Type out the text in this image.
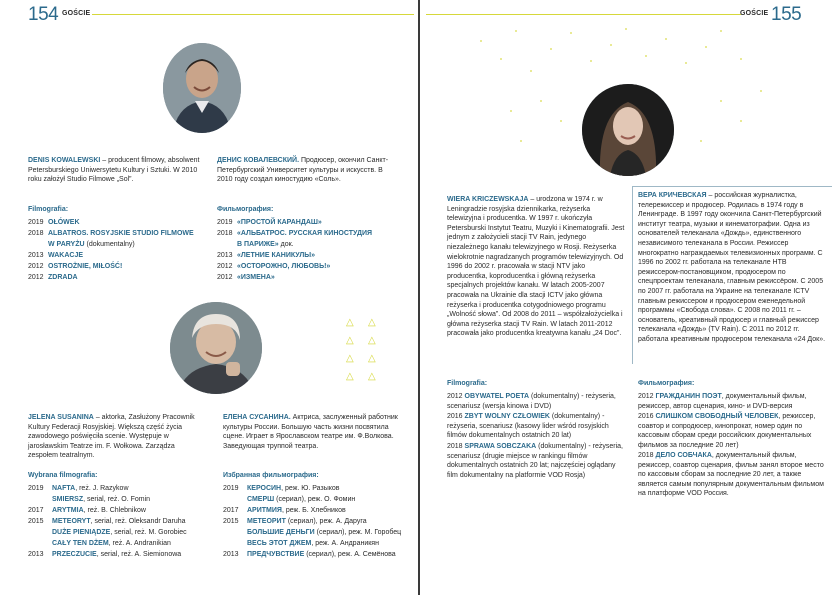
154 GOŚCIE
DENIS KOWALEWSKI – producent filmowy, absolwent Petersburskiego Uniwersytetu Kultury i Sztuki. W 2010 roku założył Studio Filmowe „Sol”.
ДЕНИС КОВАЛЕВСКИЙ. Продюсер, окончил Санкт-Петербургский Университет культуры и искусств. В 2010 году создал киностудию «Соль».
Filmografia:	Фильмография:
2019 OŁÓWEK
2018 ALBATROS. ROSYJSKIE STUDIO FILMOWE
W PARYŻU (dokumentalny)
2013 WAKACJE
2012 OSTROŻNIE, MIŁOŚĆ!
2012 ZDRADA
2019 «ПРОСТОЙ КАРАНДАШ»
2018 «АЛЬБАТРОС. РУССКАЯ КИНОСТУДИЯ
В ПАРИЖЕ» док.
2013 «ЛЕТНИЕ КАНИКУЛЫ»
2012 «ОСТОРОЖНО, ЛЮБОВЬ!»
2012 «ИЗМЕНА»
△ △
△ △
△ △
△ △
JELENA SUSANINA – aktorka, Zasłużony Pracownik Kultury Federacji Rosyjskiej. Większą część życia zawodowego poświęciła scenie. Występuje w jarosławskim Teatrze im. F. Wołkowa. Zarządza zespołem teatralnym.
ЕЛЕНА СУСАНИНА. Актриса, заслуженный работник культуры России. Большую часть жизни посвятила сцене. Играет в Ярославском театре им. Ф.Волкова. Заведующая труппой театра.
Wybrana filmografia:	Избранная фильмография:
2019 NAFTA, reż. J. Razykow
SMIERSZ, serial, reż. O. Fomin
2017 ARYTMIA, reż. B. Chlebnikow
2015 METEORYT, serial, reż. Oleksandr Daruha
DUŻE PIENIĄDZE, serial, reż. M. Gorobiec
CAŁY TEN DŻEM, reż. A. Andranikian
2013 PRZECZUCIE, serial, reż. A. Siemionowa
2019 КЕРОСИН, реж. Ю. Разыков
СМЕРШ (сериал), реж. О. Фомин
2017 АРИТМИЯ, реж. Б. Хлебников
2015 МЕТЕОРИТ (сериал), реж. А. Даруга
БОЛЬШИЕ ДЕНЬГИ (сериал), реж. М. Горобец
ВЕСЬ ЭТОТ ДЖЕМ, реж. А. Андраникян
2013 ПРЕДЧУВСТВИЕ (сериал), реж. А. Семёнова
GOŚCIE 155
WIERA KRICZEWSKAJA – urodzona w 1974 r. w Leningradzie rosyjska dziennikarka, reżyserka telewizyjna i producentka. W 1997 r. ukończyła Petersburski Instytut Teatru, Muzyki i Kinematografii. Jest jednym z założycieli stacji TV Rain, jedynego niezależnego kanału telewizyjnego w Rosji. Reżyserka wielokrotnie nagradzanych programów telewizyjnych. Od 1996 do 2002 r. pracowała w stacji NTV jako producentka, koproducentka i główną reżyserka specjalnych projektów kanału. W latach 2005-2007 pracowała na Ukrainie dla stacji ICTV jako główna reżyserka i producentka cotygodniowego programu „Wolność słowa”. Od 2008 do 2011 – współzałożycielka i główna reżyserka stacji TV Rain. W latach 2011-2012 pracowała jako producentka kreatywna kanału „24 Doc”.
ВЕРА КРИЧЕВСКАЯ – российская журналистка, телережиссер и продюсер. Родилась в 1974 году в Ленинграде. В 1997 году окончила Санкт-Петербургский институт театра, музыки и кинематографии. Одна из основателей телеканала «Дождь», единственного независимого телеканала в России. Режиссер многократно награждаемых телевизионных программ. С 1996 по 2002 гг. работала на телеканале НТВ режиссером-постановщиком, продюсером по спецпроектам телеканала, главным режиссёром. С 2005 по 2007 гг. работала на Украине на телеканале ICTV главным режиссером и продюсером еженедельной программы «Свобода слова». С 2008 по 2011 гг. – основатель, креативный продюсер и главный режиссер телеканала «Дождь» (TV Rain). С 2011 по 2012 гг. работала креативным продюсером телеканала «24 Док».
Filmografia:	Фильмография:
2012 OBYWATEL POETA (dokumentalny) - reżyseria, scenariusz (wersja kinowa i DVD)
2016 ZBYT WOLNY CZŁOWIEK (dokumentalny) - reżyseria, scenariusz (kasowy lider wśród rosyjskich filmów dokumentalnych ostatnich 20 lat)
2018 SPRAWA SOBCZAKA (dokumentalny) - reżyseria, scenariusz (drugie miejsce w rankingu filmów dokumentalnych ostatnich 20 lat; najczęściej oglądany film dokumentalny na platformie VOD Rosja)
2012 ГРАЖДАНИН ПОЭТ, документальный фильм, режиссер, автор сценария, кино- и DVD-версия
2016 СЛИШКОМ СВОБОДНЫЙ ЧЕЛОВЕК, режиссер, соавтор и сопродюсер, кинопрокат, номер один по кассовым сборам среди российских документальных фильмов за последние 20 лет)
2018 ДЕЛО СОБЧАКА, документальный фильм, режиссер, соавтор сценария, фильм занял второе место по кассовым сборам за последние 20 лет, а также является самым популярным документальным фильмом на платформе VOD Россия.
